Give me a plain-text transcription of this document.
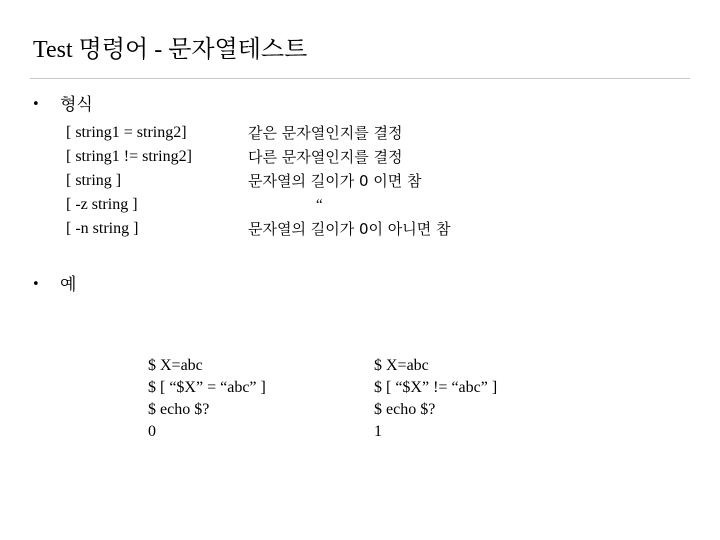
Test 명령어 - 문자열테스트
• 형식
[ string1 = string2]
[ string1 != string2]
[ string ]
[ -z string ]
[ -n string ]
같은 문자열인지를 결정
다른 문자열인지를 결정
문자열의 길이가 0 이면 참
“
문자열의 길이가 0이 아니면 참
• 예
$ X=abc
$ [ “$X” = “abc” ]
$ echo $?
0
$ X=abc
$ [ “$X” != “abc” ]
$ echo $?
1
